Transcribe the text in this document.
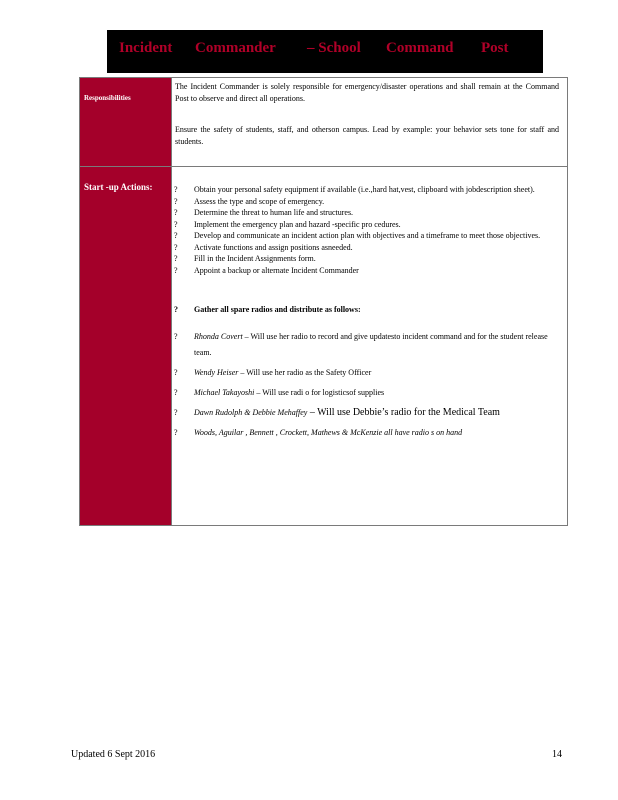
Incident Commander – School Command Post
Responsibilities
The Incident Commander is solely responsible for emergency/disaster operations and shall remain at the Command Post to observe and direct all operations.
Ensure the safety of students, staff, and otherson campus. Lead by example: your behavior sets tone for staff and students.
Start -up Actions:	? Obtain your personal safety equipment if available (i.e.,hard hat,vest, clipboard with jobdescription sheet).
? Assess the type and scope of emergency.
? Determine the threat to human life and structures.
? Implement the emergency plan and hazard -specific pro cedures.
? Develop and communicate an incident action plan with objectives and a timeframe to meet those objectives.
? Activate functions and assign positions asneeded.
? Fill in the Incident Assignments form.
? Appoint a backup or alternate Incident Commander
? Gather all spare radios and distribute as follows:
? Rhonda Covert – Will use her radio to record and give updatesto incident command and for the student release team.
? Wendy Heiser – Will use her radio as the Safety Officer
? Michael Takayoshi – Will use radi o for logisticsof supplies
? Dawn Rudolph & Debbie Mehaffey – Will use Debbie’s radio for the Medical Team
? Woods, Aguilar , Bennett , Crockett, Mathews & McKenzie all have radio s on hand
Updated 6 Sept 2016	14
